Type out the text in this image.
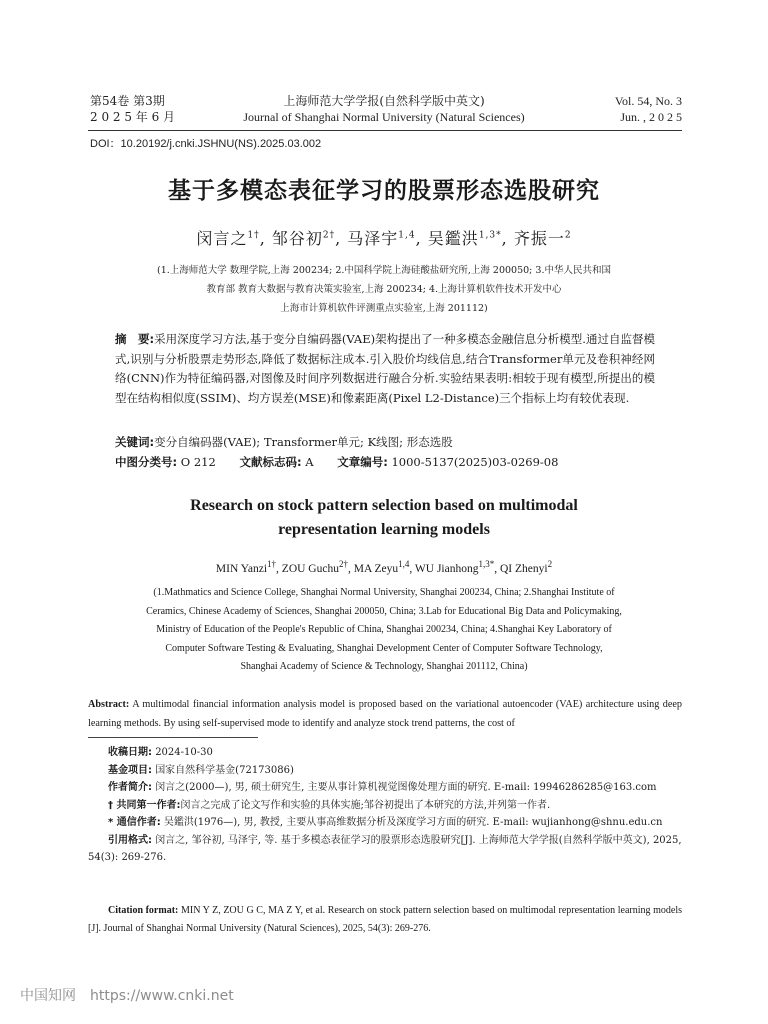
第54卷 第3期
2 0 2 5 年 6 月
上海师范大学学报(自然科学版中英文)
Journal of Shanghai Normal University (Natural Sciences)
Vol. 54, No. 3
Jun. , 2 0 2 5
DOI：10.20192/j.cnki.JSHNU(NS).2025.03.002
基于多模态表征学习的股票形态选股研究
闵言之$^{1\dagger}$, 邹谷初$^{2\dagger}$, 马泽宇$^{1,4}$, 吴鑑洪$^{1,3*}$, 齐振一$^2$
(1.上海师范大学 数理学院,上海 200234; 2.中国科学院上海硅酸盐研究所,上海 200050; 3.中华人民共和国
教育部 教育大数据与教育决策实验室,上海 200234; 4.上海计算机软件技术开发中心
上海市计算机软件评测重点实验室,上海 201112)
摘　要:采用深度学习方法,基于变分自编码器(VAE)架构提出了一种多模态金融信息分析模型.通过自监督模式,识别与分析股票走势形态,降低了数据标注成本.引入股价均线信息,结合Transformer单元及卷积神经网络(CNN)作为特征编码器,对图像及时间序列数据进行融合分析.实验结果表明:相较于现有模型,所提出的模型在结构相似度(SSIM)、均方误差(MSE)和像素距离(Pixel L2-Distance)三个指标上均有较优表现.
关键词:变分自编码器(VAE); Transformer单元; K线图; 形态选股
中图分类号: O 212 文献标志码: A 文章编号: 1000-5137(2025)03-0269-08
Research on stock pattern selection based on multimodal
representation learning models
MIN Yanzi$^{1\dagger}$, ZOU Guchu$^{2\dagger}$, MA Zeyu$^{1,4}$, WU Jianhong$^{1,3*}$, QI Zhenyi$^2$
(1.Mathmatics and Science College, Shanghai Normal University, Shanghai 200234, China; 2.Shanghai Institute of
Ceramics, Chinese Academy of Sciences, Shanghai 200050, China; 3.Lab for Educational Big Data and Policymaking,
Ministry of Education of the People's Republic of China, Shanghai 200234, China; 4.Shanghai Key Laboratory of
Computer Software Testing & Evaluating, Shanghai Development Center of Computer Software Technology,
Shanghai Academy of Science & Technology, Shanghai 201112, China)
Abstract: A multimodal financial information analysis model is proposed based on the variational autoencoder (VAE) architecture using deep learning methods. By using self-supervised mode to identify and analyze stock trend patterns, the cost of

收稿日期: 2024-10-30

基金项目: 国家自然科学基金(72173086)

作者简介: 闵言之(2000—), 男, 硕士研究生, 主要从事计算机视觉图像处理方面的研究. E-mail: 19946286285@163.com

† 共同第一作者:闵言之完成了论文写作和实验的具体实施;邹谷初提出了本研究的方法,并列第一作者.

* 通信作者: 吴鑑洪(1976—), 男, 教授, 主要从事高维数据分析及深度学习方面的研究. E-mail: wujianhong@shnu.edu.cn

引用格式: 闵言之, 邹谷初, 马泽宇, 等. 基于多模态表征学习的股票形态选股研究[J]. 上海师范大学学报(自然科学版中英文), 2025, 54(3): 269-276.

Citation format: MIN Y Z, ZOU G C, MA Z Y, et al. Research on stock pattern selection based on multimodal representation learning models [J]. Journal of Shanghai Normal University (Natural Sciences), 2025, 54(3): 269-276.
中国知网 https://www.cnki.net
